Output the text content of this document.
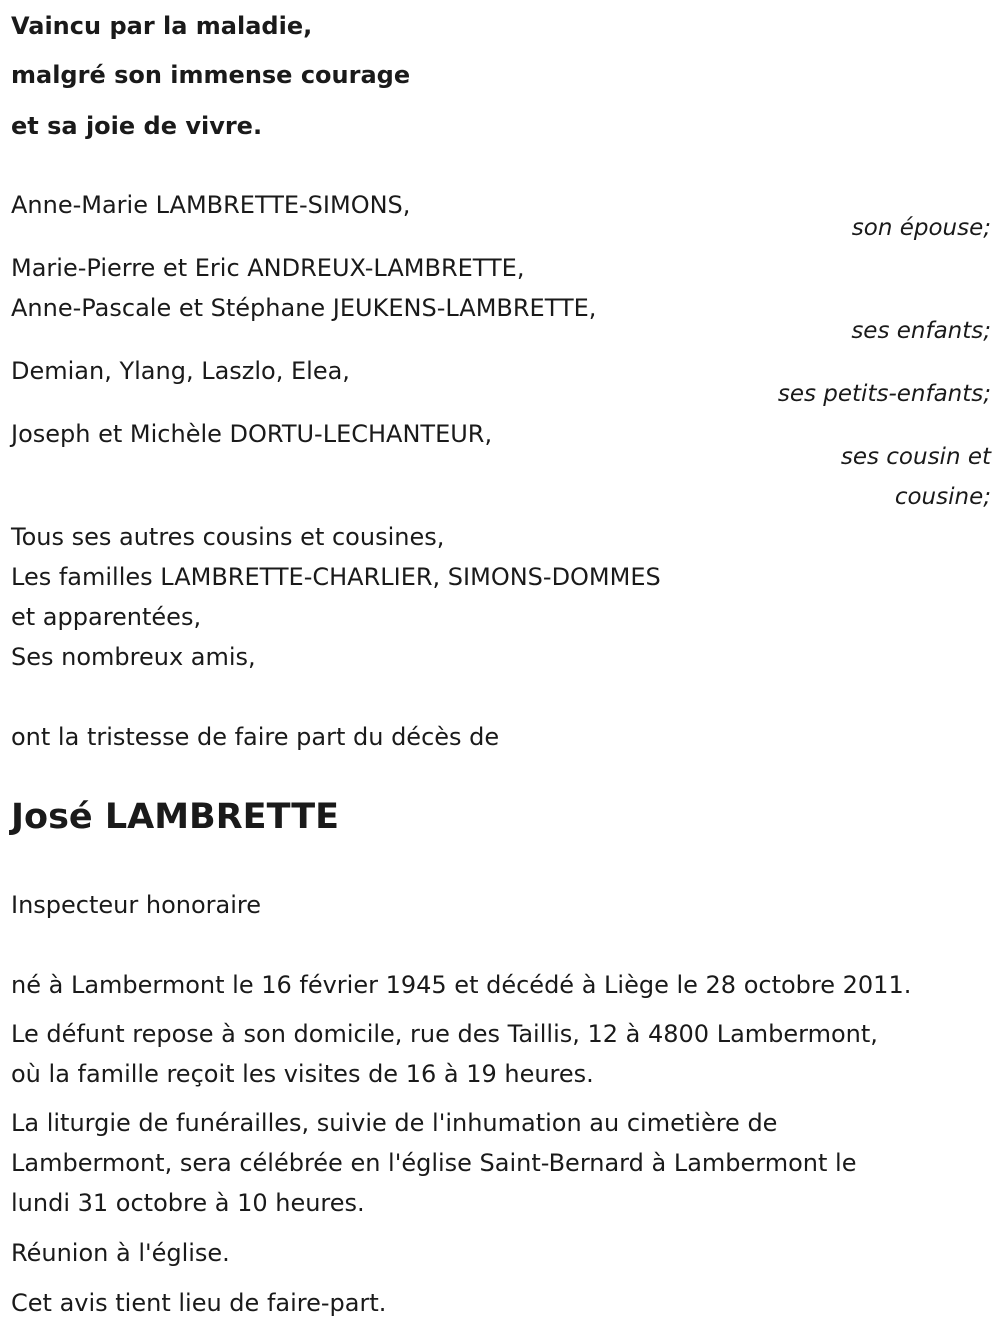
Vaincu par la maladie,
malgré son immense courage
et sa joie de vivre.
Anne-Marie LAMBRETTE-SIMONS,
son épouse;
Marie-Pierre et Eric ANDREUX-LAMBRETTE,
Anne-Pascale et Stéphane JEUKENS-LAMBRETTE,
ses enfants;
Demian, Ylang, Laszlo, Elea,
ses petits-enfants;
Joseph et Michèle DORTU-LECHANTEUR,
ses cousin et
cousine;
Tous ses autres cousins et cousines,
Les familles LAMBRETTE-CHARLIER, SIMONS-DOMMES
et apparentées,
Ses nombreux amis,
ont la tristesse de faire part du décès de
José LAMBRETTE
Inspecteur honoraire
né à Lambermont le 16 février 1945 et décédé à Liège le 28 octobre 2011.
Le défunt repose à son domicile, rue des Taillis, 12 à 4800 Lambermont,
où la famille reçoit les visites de 16 à 19 heures.
La liturgie de funérailles, suivie de l'inhumation au cimetière de
Lambermont, sera célébrée en l'église Saint-Bernard à Lambermont le
lundi 31 octobre à 10 heures.
Réunion à l'église.
Cet avis tient lieu de faire-part.
